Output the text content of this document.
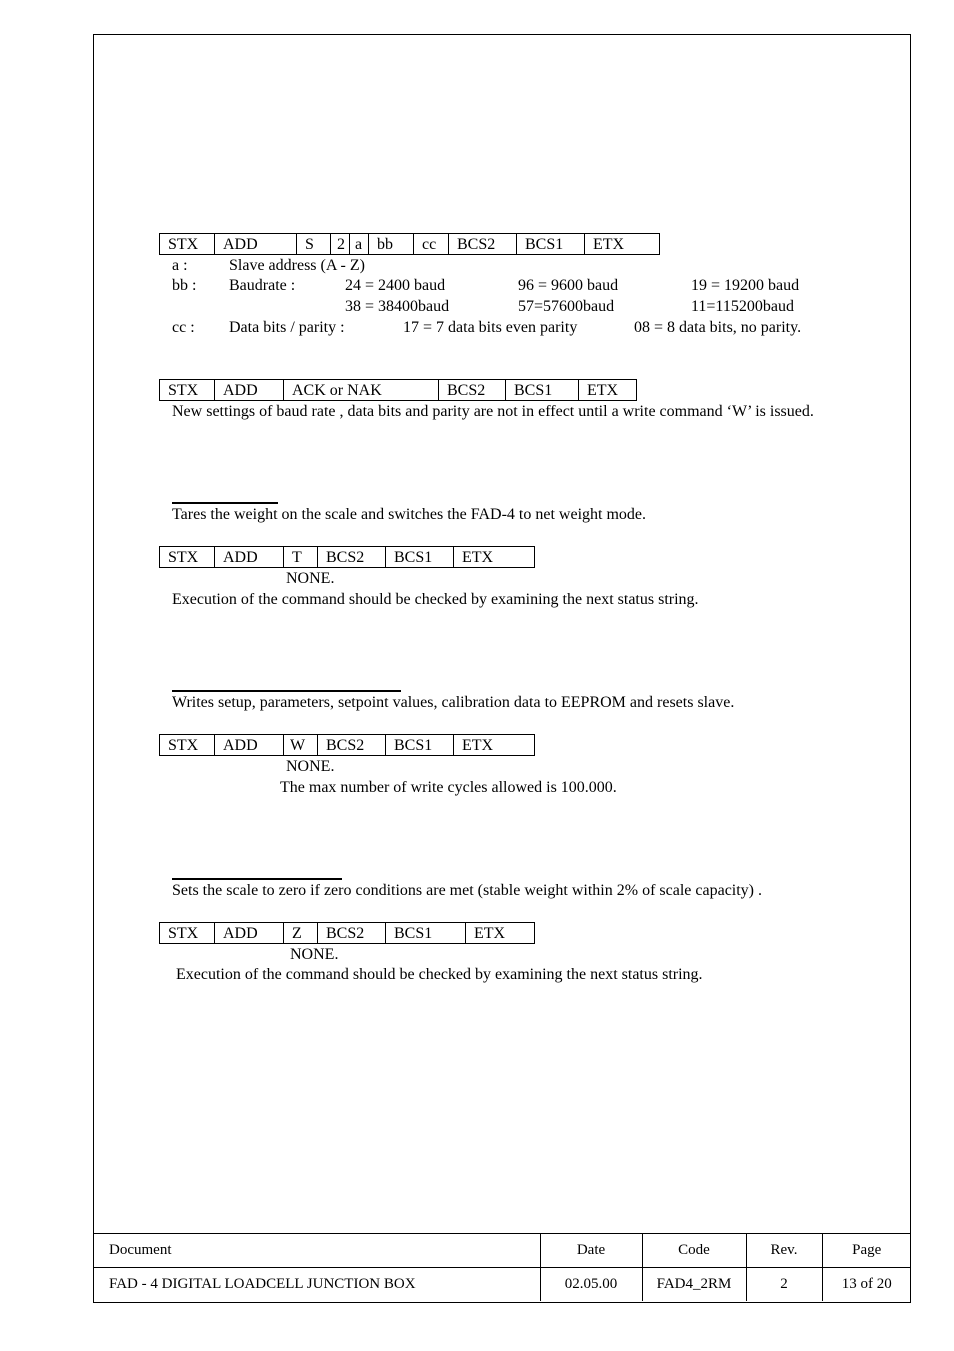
STX	ADD	S	2	a	bb	cc	BCS2	BCS1	ETX
a :	Slave address (A - Z)
bb : Baudrate :	24 = 2400 baud	96 = 9600 baud	19 = 19200 baud
38 = 38400baud	57=57600baud	11=115200baud
cc : Data bits / parity :	17 = 7 data bits even parity	08 = 8 data bits, no parity.
STX	ADD	ACK or NAK	BCS2	BCS1	ETX
New settings of baud rate , data bits and parity are not in effect until a write command ‘W’ is issued.
Tares the weight on the scale and switches the FAD-4 to net weight mode.
STX	ADD	T	BCS2	BCS1	ETX
NONE.
Execution of the command should be checked by examining the next status string.
Writes setup, parameters, setpoint values, calibration data to EEPROM and resets slave.
STX	ADD	W	BCS2	BCS1	ETX
NONE.
The max number of write cycles allowed is 100.000.
Sets the scale to zero if zero conditions are met (stable weight within 2% of scale capacity) .
STX	ADD	Z	BCS2	BCS1	ETX
NONE.
Execution of the command should be checked by examining the next status string.
Document	Date	Code	Rev.	Page
FAD - 4 DIGITAL LOADCELL JUNCTION BOX	02.05.00	FAD4_2RM	2	13 of 20
